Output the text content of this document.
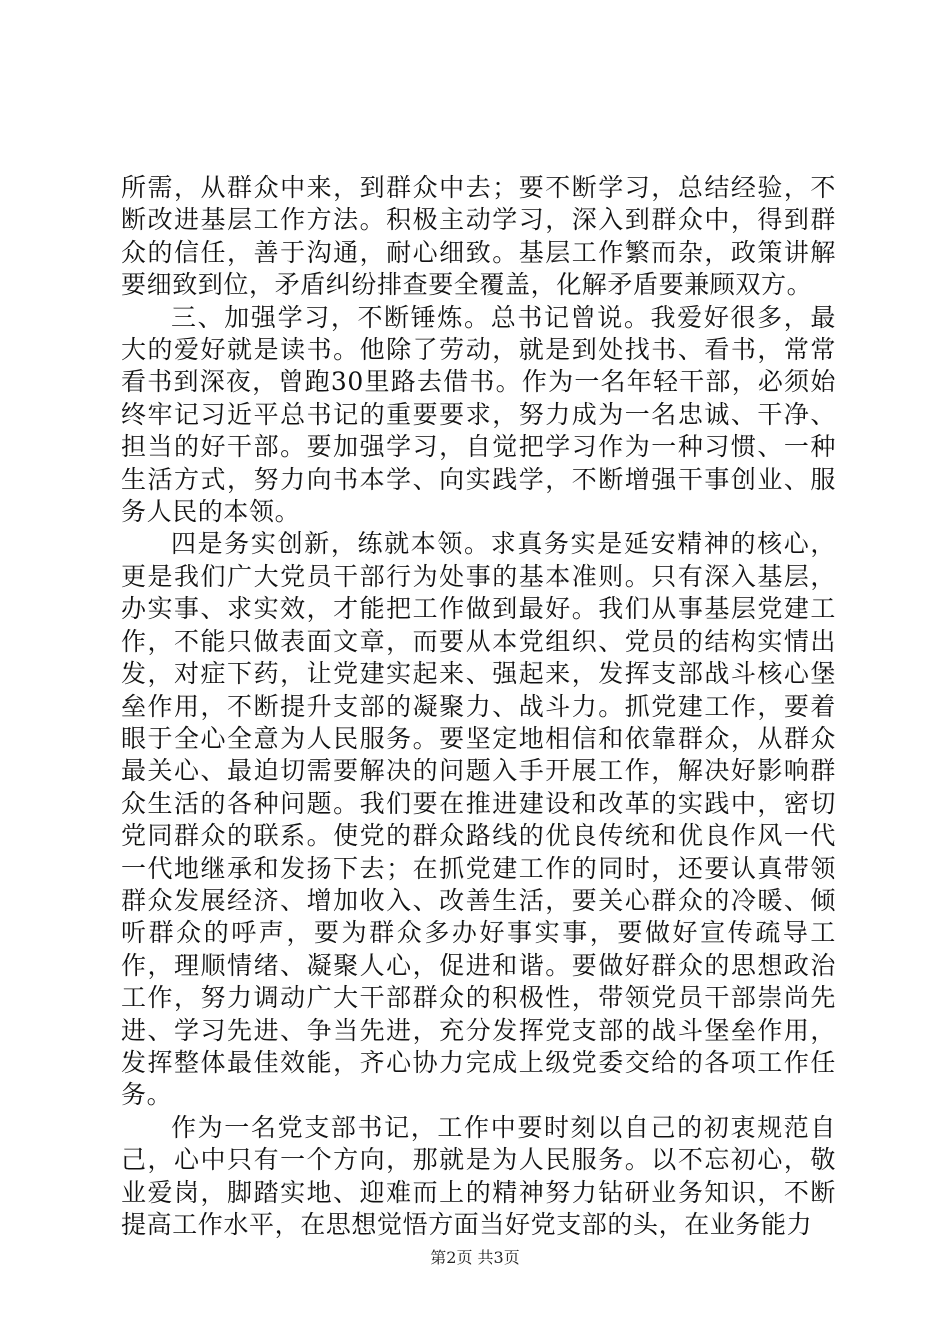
所需，从群众中来，到群众中去；要不断学习，总结经验，不断改进基层工作方法。积极主动学习，深入到群众中，得到群众的信任，善于沟通，耐心细致。基层工作繁而杂，政策讲解要细致到位，矛盾纠纷排查要全覆盖，化解矛盾要兼顾双方。

三、加强学习，不断锤炼。总书记曾说。我爱好很多，最大的爱好就是读书。他除了劳动，就是到处找书、看书，常常看书到深夜，曾跑30里路去借书。作为一名年轻干部，必须始终牢记习近平总书记的重要要求，努力成为一名忠诚、干净、担当的好干部。要加强学习，自觉把学习作为一种习惯、一种生活方式，努力向书本学、向实践学，不断增强干事创业、服务人民的本领。

四是务实创新，练就本领。求真务实是延安精神的核心，更是我们广大党员干部行为处事的基本准则。只有深入基层，办实事、求实效，才能把工作做到最好。我们从事基层党建工作，不能只做表面文章，而要从本党组织、党员的结构实情出发，对症下药，让党建实起来、强起来，发挥支部战斗核心堡垒作用，不断提升支部的凝聚力、战斗力。抓党建工作，要着眼于全心全意为人民服务。要坚定地相信和依靠群众，从群众最关心、最迫切需要解决的问题入手开展工作，解决好影响群众生活的各种问题。我们要在推进建设和改革的实践中，密切党同群众的联系。使党的群众路线的优良传统和优良作风一代一代地继承和发扬下去；在抓党建工作的同时，还要认真带领群众发展经济、增加收入、改善生活，要关心群众的冷暖、倾听群众的呼声，要为群众多办好事实事，要做好宣传疏导工作，理顺情绪、凝聚人心，促进和谐。要做好群众的思想政治工作，努力调动广大干部群众的积极性，带领党员干部崇尚先进、学习先进、争当先进，充分发挥党支部的战斗堡垒作用，发挥整体最佳效能，齐心协力完成上级党委交给的各项工作任务。

作为一名党支部书记，工作中要时刻以自己的初衷规范自己，心中只有一个方向，那就是为人民服务。以不忘初心，敬业爱岗，脚踏实地、迎难而上的精神努力钻研业务知识，不断提高工作水平，在思想觉悟方面当好党支部的头，在业务能力

第2页 共3页
